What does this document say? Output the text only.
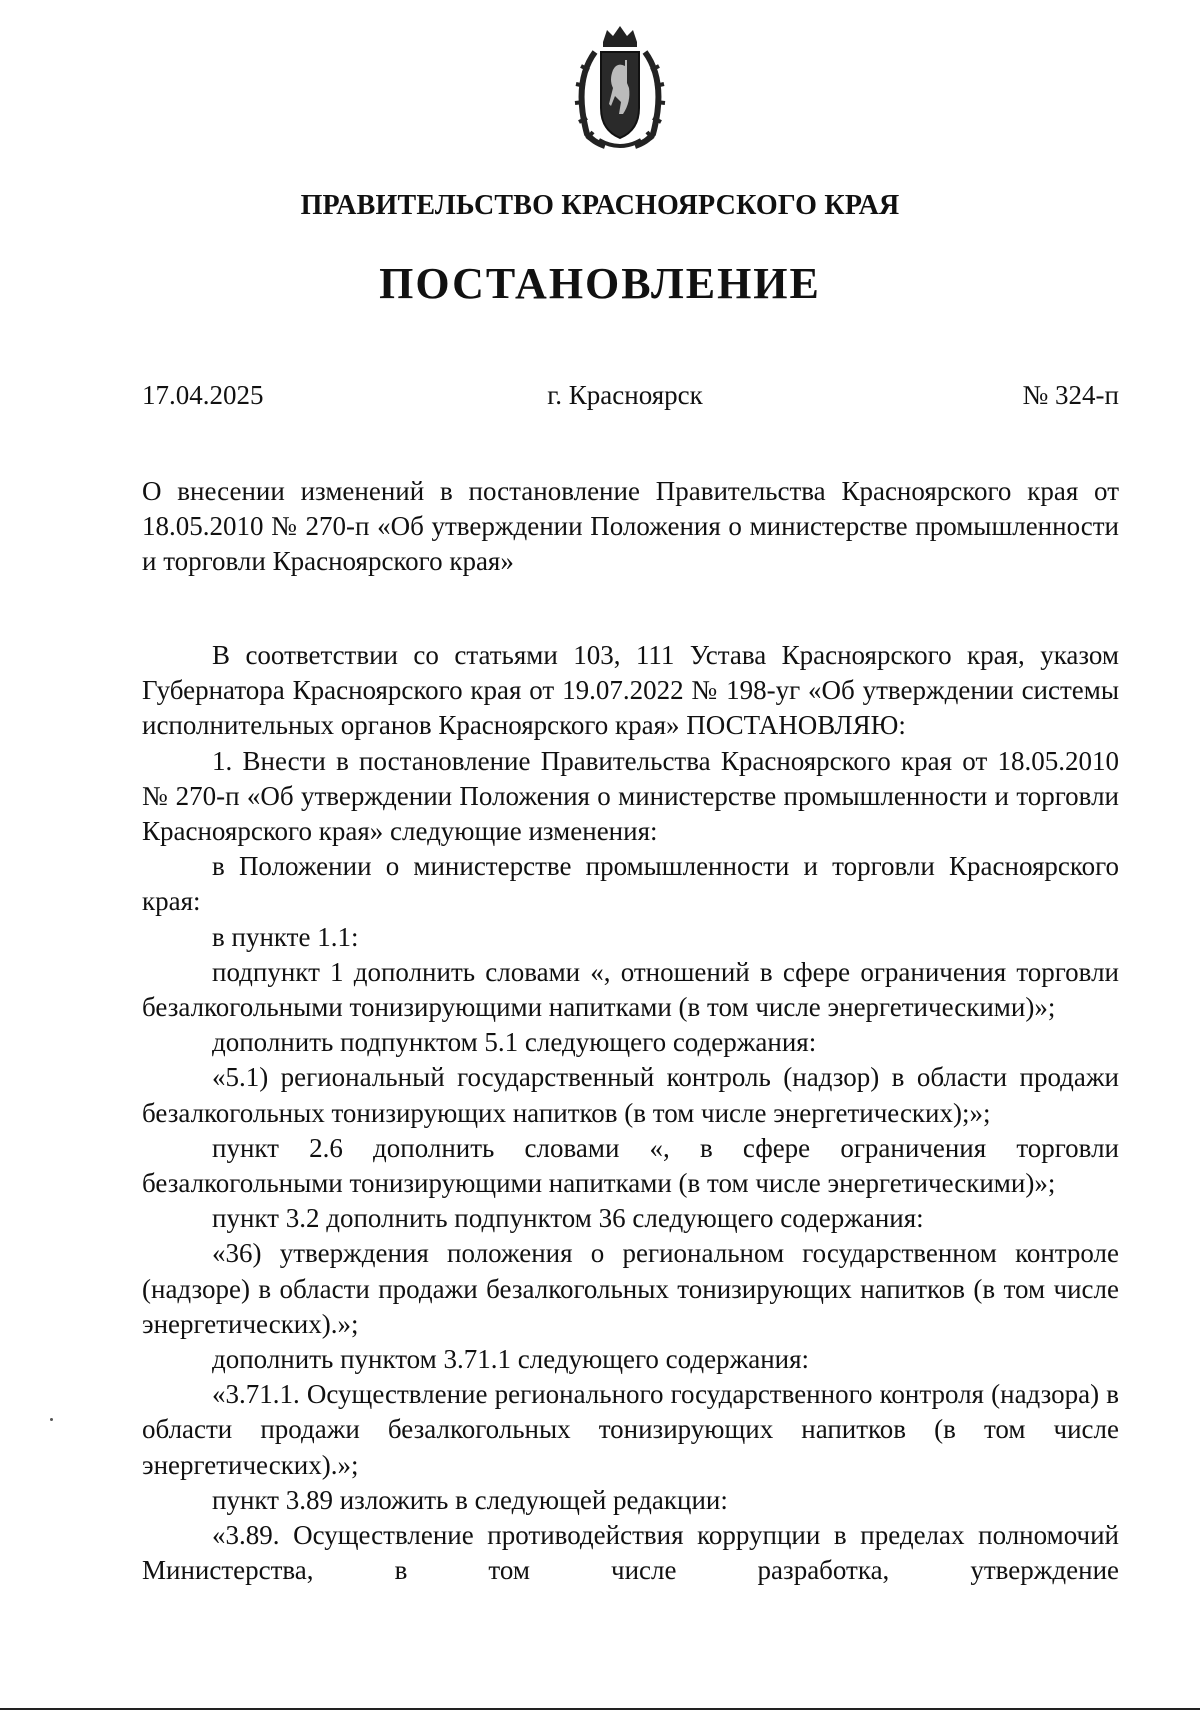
ПРАВИТЕЛЬСТВО КРАСНОЯРСКОГО КРАЯ
ПОСТАНОВЛЕНИЕ
17.04.2025	г. Красноярск	№ 324-п
О внесении изменений в постановление Правительства Красноярского края от 18.05.2010 № 270-п «Об утверждении Положения о министерстве промышленности и торговли Красноярского края»

В соответствии со статьями 103, 111 Устава Красноярского края, указом Губернатора Красноярского края от 19.07.2022 № 198-уг «Об утверждении системы исполнительных органов Красноярского края» ПОСТАНОВЛЯЮ:

1. Внести в постановление Правительства Красноярского края от 18.05.2010 № 270-п «Об утверждении Положения о министерстве промышленности и торговли Красноярского края» следующие изменения:

в Положении о министерстве промышленности и торговли Красноярского края:

в пункте 1.1:

подпункт 1 дополнить словами «, отношений в сфере ограничения торговли безалкогольными тонизирующими напитками (в том числе энергетическими)»;

дополнить подпунктом 5.1 следующего содержания:

«5.1) региональный государственный контроль (надзор) в области продажи безалкогольных тонизирующих напитков (в том числе энергетических);»;

пункт 2.6 дополнить словами «, в сфере ограничения торговли безалкогольными тонизирующими напитками (в том числе энергетическими)»;

пункт 3.2 дополнить подпунктом 36 следующего содержания:

«36) утверждения положения о региональном государственном контроле (надзоре) в области продажи безалкогольных тонизирующих напитков (в том числе энергетических).»;

дополнить пунктом 3.71.1 следующего содержания:

«3.71.1. Осуществление регионального государственного контроля (надзора) в области продажи безалкогольных тонизирующих напитков (в том числе энергетических).»;

пункт 3.89 изложить в следующей редакции:

«3.89. Осуществление противодействия коррупции в пределах полномочий Министерства, в том числе разработка, утверждение
